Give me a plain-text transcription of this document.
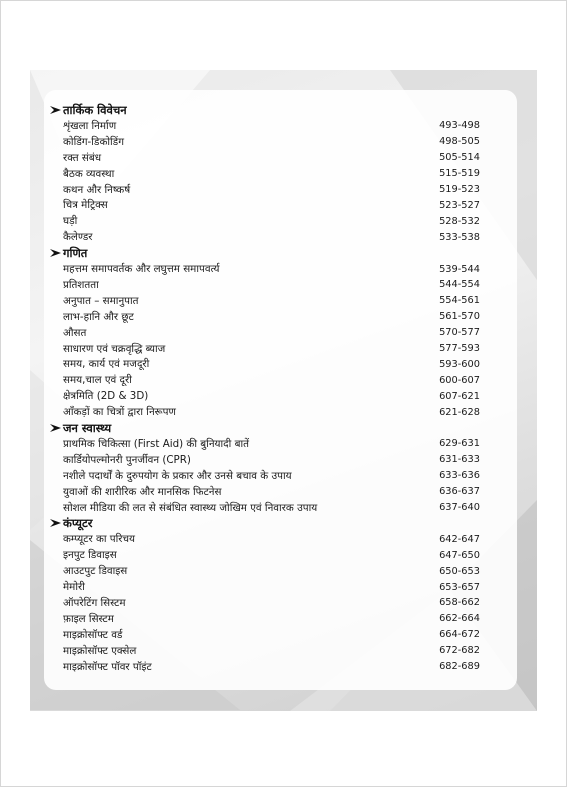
तार्किक विवेचन
शृंखला निर्माण	493-498
कोडिंग-डिकोडिंग	498-505
रक्त संबंध	505-514
बैठक व्यवस्था	515-519
कथन और निष्कर्ष	519-523
चित्र मेट्रिक्स	523-527
घड़ी	528-532
कैलेण्डर	533-538
गणित
महत्तम समापवर्तक और लघुत्तम समापवर्त्य	539-544
प्रतिशतता	544-554
अनुपात – समानुपात	554-561
लाभ-हानि और छूट	561-570
औसत	570-577
साधारण एवं चक्रवृद्धि ब्याज	577-593
समय, कार्य एवं मजदूरी	593-600
समय,चाल एवं दूरी	600-607
क्षेत्रमिति (2D & 3D)	607-621
आँकड़ों का चित्रों द्वारा निरूपण	621-628
जन स्वास्थ्य
प्राथमिक चिकित्सा (First Aid) की बुनियादी बातें	629-631
कार्डियोपल्मोनरी पुनर्जीवन (CPR)	631-633
नशीले पदार्थों के दुरुपयोग के प्रकार और उनसे बचाव के उपाय	633-636
युवाओं की शारीरिक और मानसिक फिटनेस	636-637
सोशल मीडिया की लत से संबंधित स्वास्थ्य जोखिम एवं निवारक उपाय	637-640
कंप्यूटर
कम्प्यूटर का परिचय	642-647
इनपुट डिवाइस	647-650
आउटपुट डिवाइस	650-653
मेमोरी	653-657
ऑपरेटिंग सिस्टम	658-662
फ़ाइल सिस्टम	662-664
माइक्रोसॉफ्ट वर्ड	664-672
माइक्रोसॉफ्ट एक्सेल	672-682
माइक्रोसॉफ्ट पॉवर पॉइंट	682-689
